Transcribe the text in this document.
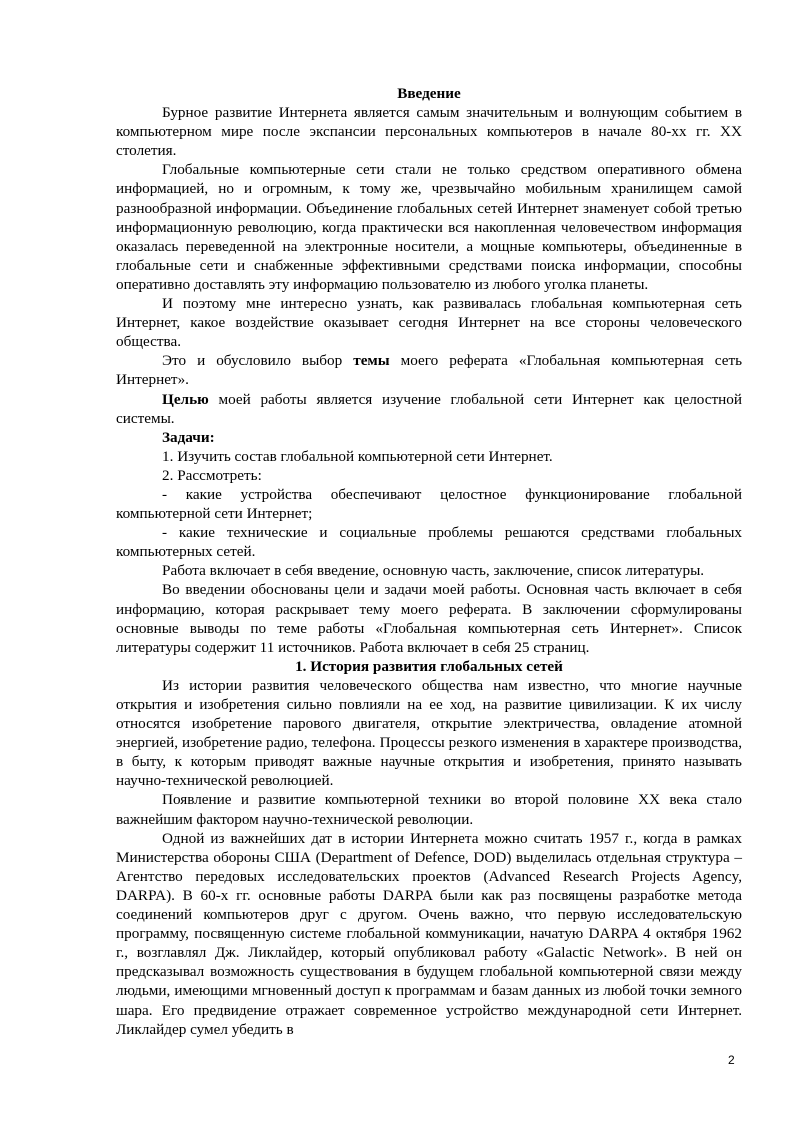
Введение

Бурное развитие Интернета является самым значительным и волнующим событием в компьютерном мире после экспансии персональных компьютеров в начале 80-хх гг. ХХ столетия.

Глобальные компьютерные сети стали не только средством оперативного обмена информацией, но и огромным, к тому же, чрезвычайно мобильным хранилищем самой разнообразной информации. Объединение глобальных сетей Интернет знаменует собой третью информационную революцию, когда практически вся накопленная человечеством информация оказалась переведенной на электронные носители, а мощные компьютеры, объединенные в глобальные сети и снабженные эффективными средствами поиска информации, способны оперативно доставлять эту информацию пользователю из любого уголка планеты.

И поэтому мне интересно узнать, как развивалась глобальная компьютерная сеть Интернет, какое воздействие оказывает сегодня Интернет на все стороны человеческого общества.

Это и обусловило выбор темы моего реферата «Глобальная компьютерная сеть Интернет».

Целью моей работы является изучение глобальной сети Интернет как целостной системы.

Задачи:

1. Изучить состав глобальной компьютерной сети Интернет.

2. Рассмотреть:

- какие устройства обеспечивают целостное функционирование глобальной компьютерной сети Интернет;

- какие технические и социальные проблемы решаются средствами глобальных компьютерных сетей.

Работа включает в себя введение, основную часть, заключение, список литературы.

Во введении обоснованы цели и задачи моей работы. Основная часть включает в себя информацию, которая раскрывает тему моего реферата. В заключении сформулированы основные выводы по теме работы «Глобальная компьютерная сеть Интернет». Список литературы содержит 11 источников. Работа включает в себя 25 страниц.

1. История развития глобальных сетей

Из истории развития человеческого общества нам известно, что многие научные открытия и изобретения сильно повлияли на ее ход, на развитие цивилизации. К их числу относятся изобретение парового двигателя, открытие электричества, овладение атомной энергией, изобретение радио, телефона. Процессы резкого изменения в характере производства, в быту, к которым приводят важные научные открытия и изобретения, принято называть научно-технической революцией.

Появление и развитие компьютерной техники во второй половине ХХ века стало важнейшим фактором научно-технической революции.

Одной из важнейших дат в истории Интернета можно считать 1957 г., когда в рамках Министерства обороны США (Department of Defence, DOD) выделилась отдельная структура – Агентство передовых исследовательских проектов (Advanced Research Projects Agency, DARPA). В 60-х гг. основные работы DARPA были как раз посвящены разработке метода соединений компьютеров друг с другом. Очень важно, что первую исследовательскую программу, посвященную системе глобальной коммуникации, начатую DARPA 4 октября 1962 г., возглавлял Дж. Ликлайдер, который опубликовал работу «Galactic Network». В ней он предсказывал возможность существования в будущем глобальной компьютерной связи между людьми, имеющими мгновенный доступ к программам и базам данных из любой точки земного шара. Его предвидение отражает современное устройство международной сети Интернет. Ликлайдер сумел убедить в

2
